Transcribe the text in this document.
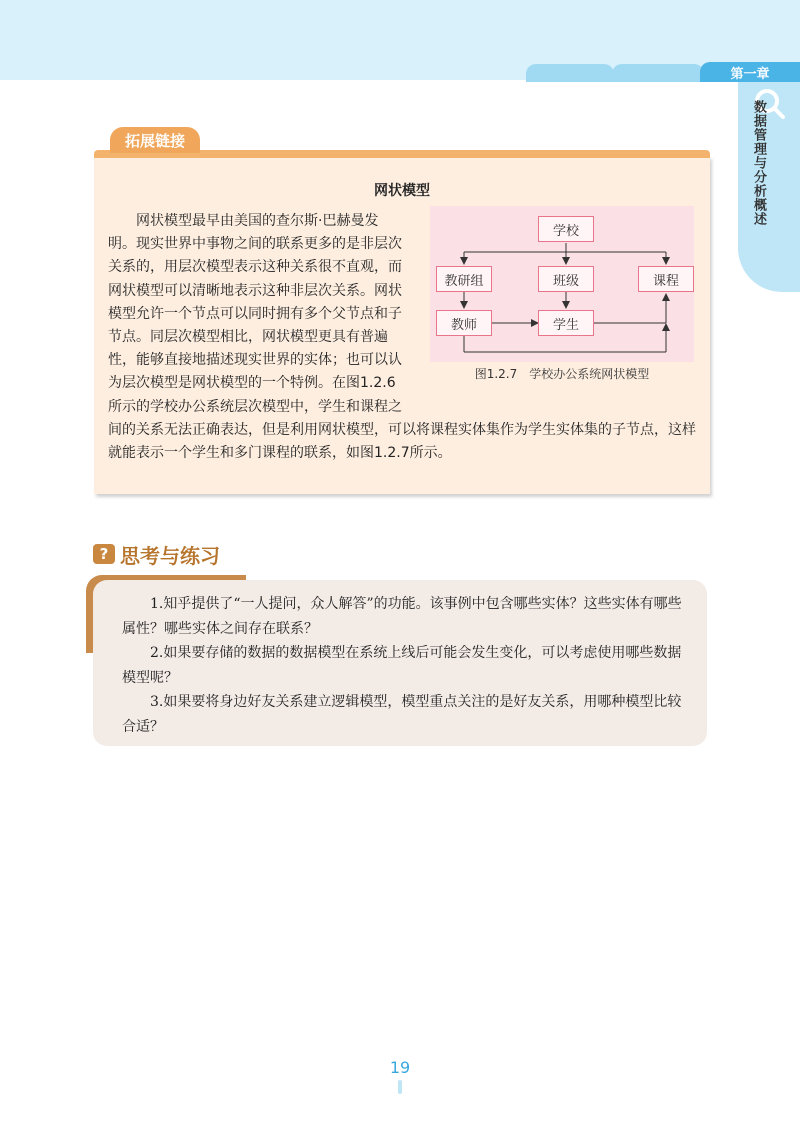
第一章
数据管理与分析概述
拓展链接
网状模型

网状模型最早由美国的查尔斯·巴赫曼发明。现实世界中事物之间的联系更多的是非层次关系的，用层次模型表示这种关系很不直观，而网状模型可以清晰地表示这种非层次关系。网状模型允许一个节点可以同时拥有多个父节点和子节点。同层次模型相比，网状模型更具有普遍性，能够直接地描述现实世界的实体；也可以认为层次模型是网状模型的一个特例。在图1.2.6所示的学校办公系统层次模型中，学生和课程之间的关系无法正确表达，但是利用网状模型，可以将课程实体集作为学生实体集的子节点，这样就能表示一个学生和多门课程的联系，如图1.2.7所示。

学校
教研组	班级	课程
教师	学生
图1.2.7　学校办公系统网状模型
? 思考与练习

1.知乎提供了“一人提问，众人解答”的功能。该事例中包含哪些实体？这些实体有哪些属性？哪些实体之间存在联系？

2.如果要存储的数据的数据模型在系统上线后可能会发生变化，可以考虑使用哪些数据模型呢？

3.如果要将身边好友关系建立逻辑模型，模型重点关注的是好友关系，用哪种模型比较合适？

19
